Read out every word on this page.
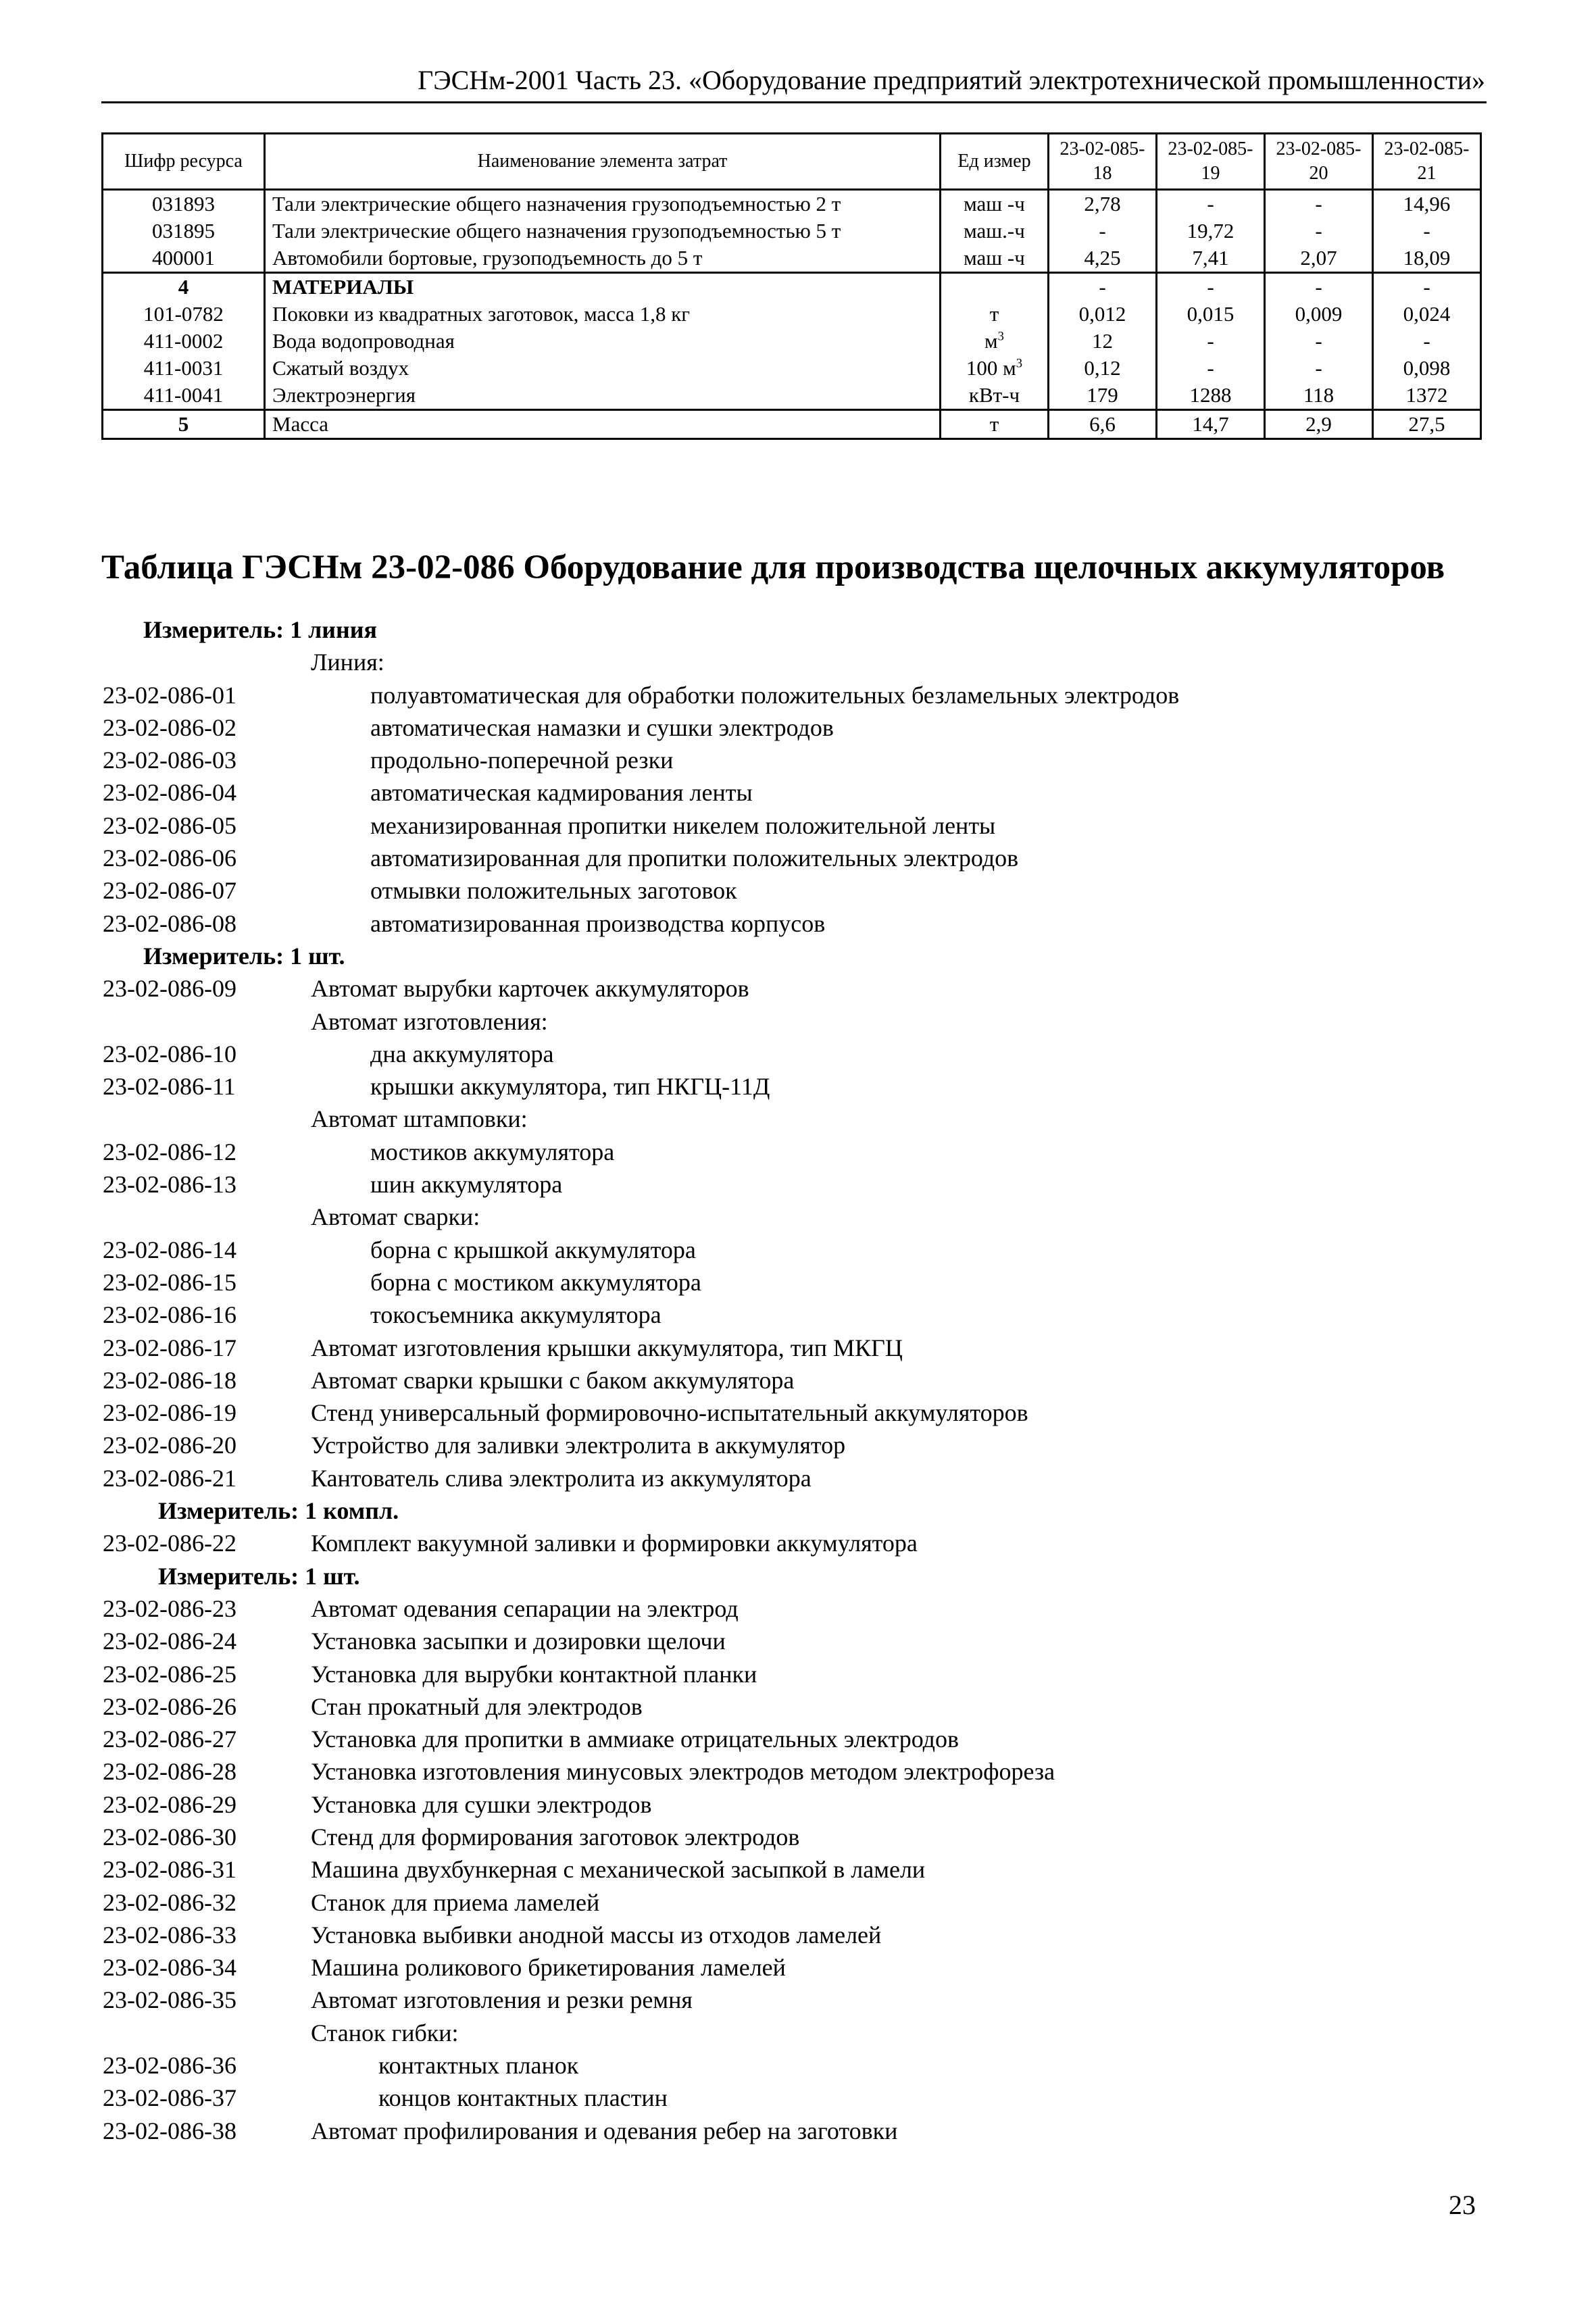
ГЭСНм-2001 Часть 23. «Оборудование предприятий электротехнической промышленности»
Шифр ресурса	Наименование элемента затрат	Ед измер	23-02-085-18	23-02-085-19	23-02-085-20	23-02-085-21
031893	Тали электрические общего назначения грузоподъемностью 2 т	маш -ч	2,78	-	-	14,96
031895	Тали электрические общего назначения грузоподъемностью 5 т	маш.-ч	-	19,72	-	-
400001	Автомобили бортовые, грузоподъемность до 5 т	маш -ч	4,25	7,41	2,07	18,09
4	МАТЕРИАЛЫ		-	-	-	-
101-0782	Поковки из квадратных заготовок, масса 1,8 кг	т	0,012	0,015	0,009	0,024
411-0002	Вода водопроводная	$м^3$	12	-	-	-
411-0031	Сжатый воздух	100 $м^3$	0,12	-	-	0,098
411-0041	Электроэнергия	кВт-ч	179	1288	118	1372
5	Масса	т	6,6	14,7	2,9	27,5
Таблица ГЭСНм 23-02-086 Оборудование для производства щелочных аккумуляторов
Измеритель: 1 линия
Линия:
23-02-086-01	полуавтоматическая для обработки положительных безламельных электродов
23-02-086-02	автоматическая намазки и сушки электродов
23-02-086-03	продольно-поперечной резки
23-02-086-04	автоматическая кадмирования ленты
23-02-086-05	механизированная пропитки никелем положительной ленты
23-02-086-06	автоматизированная для пропитки положительных электродов
23-02-086-07	отмывки положительных заготовок
23-02-086-08	автоматизированная производства корпусов
Измеритель: 1 шт.
23-02-086-09	Автомат вырубки карточек аккумуляторов
Автомат изготовления:
23-02-086-10	дна аккумулятора
23-02-086-11	крышки аккумулятора, тип НКГЦ-11Д
Автомат штамповки:
23-02-086-12	мостиков аккумулятора
23-02-086-13	шин аккумулятора
Автомат сварки:
23-02-086-14	борна с крышкой аккумулятора
23-02-086-15	борна с мостиком аккумулятора
23-02-086-16	токосъемника аккумулятора
23-02-086-17	Автомат изготовления крышки аккумулятора, тип МКГЦ
23-02-086-18	Автомат сварки крышки с баком аккумулятора
23-02-086-19	Стенд универсальный формировочно-испытательный аккумуляторов
23-02-086-20	Устройство для заливки электролита в аккумулятор
23-02-086-21	Кантователь слива электролита из аккумулятора
Измеритель: 1 компл.
23-02-086-22	Комплект вакуумной заливки и формировки аккумулятора
Измеритель: 1 шт.
23-02-086-23	Автомат одевания сепарации на электрод
23-02-086-24	Установка засыпки и дозировки щелочи
23-02-086-25	Установка для вырубки контактной планки
23-02-086-26	Стан прокатный для электродов
23-02-086-27	Установка для пропитки в аммиаке отрицательных электродов
23-02-086-28	Установка изготовления минусовых электродов методом электрофореза
23-02-086-29	Установка для сушки электродов
23-02-086-30	Стенд для формирования заготовок электродов
23-02-086-31	Машина двухбункерная с механической засыпкой в ламели
23-02-086-32	Станок для приема ламелей
23-02-086-33	Установка выбивки анодной массы из отходов ламелей
23-02-086-34	Машина роликового брикетирования ламелей
23-02-086-35	Автомат изготовления и резки ремня
Станок гибки:
23-02-086-36	контактных планок
23-02-086-37	концов контактных пластин
23-02-086-38	Автомат профилирования и одевания ребер на заготовки
23
